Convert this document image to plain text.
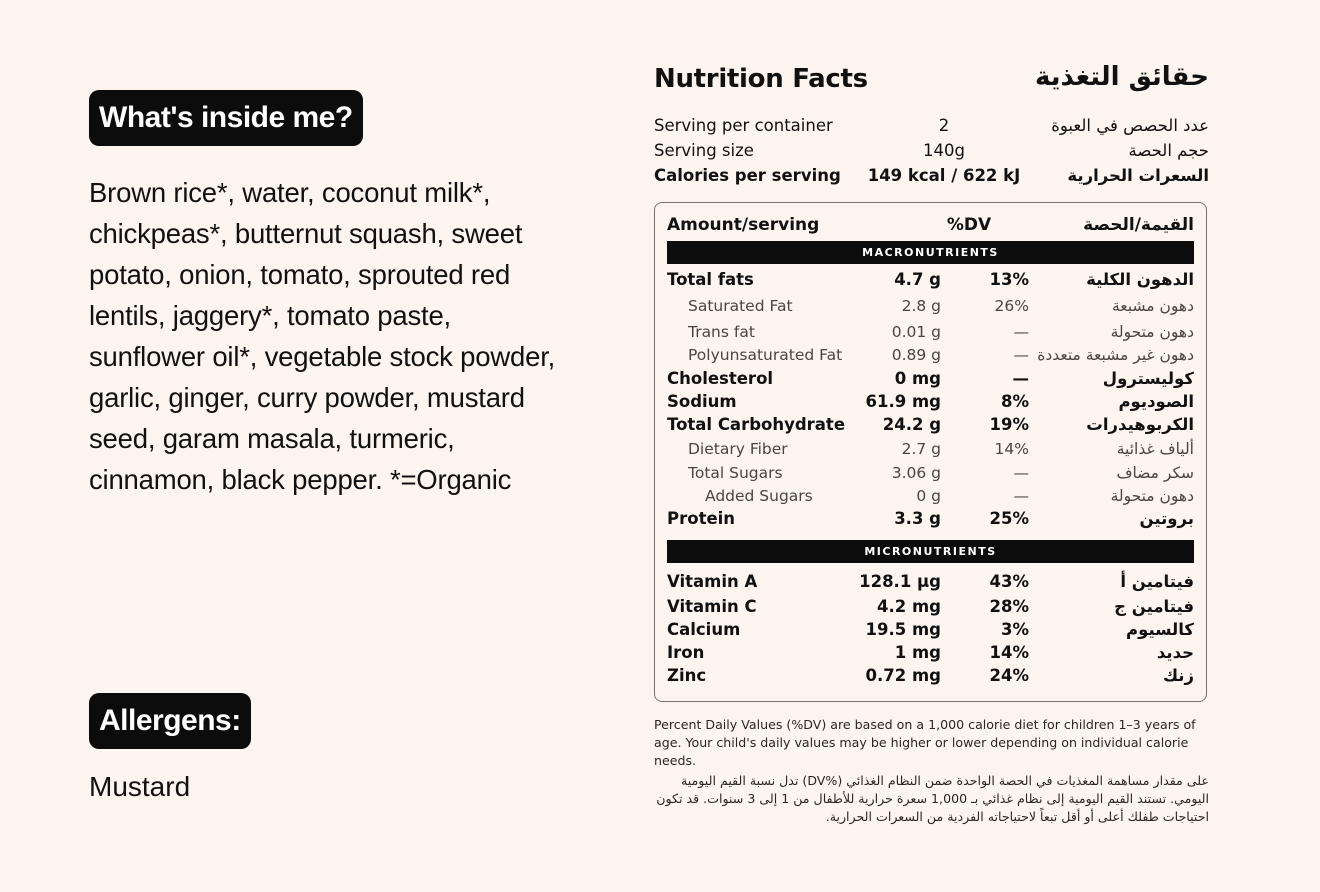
What's inside me?
Brown rice*, water, coconut milk*,
chickpeas*, butternut squash, sweet
potato, onion, tomato, sprouted red
lentils, jaggery*, tomato paste,
sunflower oil*, vegetable stock powder,
garlic, ginger, curry powder, mustard
seed, garam masala, turmeric,
cinnamon, black pepper. *=Organic
Allergens:
Mustard
Nutrition Facts	حقائق التغذية
Serving per container	2	عدد الحصص في العبوة
Serving size	140g	حجم الحصة
Calories per serving	149 kcal / 622 kJ	السعرات الحرارية
Amount/serving	%DV	القيمة/الحصة
MACRONUTRIENTS
Total fats	4.7 g	13%	الدهون الكلية
Saturated Fat	2.8 g	26%	دهون مشبعة
Trans fat	0.01 g	—	دهون متحولة
Polyunsaturated Fat	0.89 g	— دهون غير مشبعة متعددة
Cholesterol	0 mg	—	كوليسترول
Sodium	61.9 mg	8%	الصوديوم
Total Carbohydrate 24.2 g	19%	الكربوهيدرات
Dietary Fiber	2.7 g	14%	ألياف غذائية
Total Sugars	3.06 g	—	سكر مضاف
Added Sugars	0 g	—	دهون متحولة
Protein	3.3 g	25%	بروتين
MICRONUTRIENTS
Vitamin A	128.1 µg	43%	فيتامين أ
Vitamin C	4.2 mg	28%	فيتامين ج
Calcium	19.5 mg	3%	كالسيوم
Iron	1 mg	14%	حديد
Zinc	0.72 mg	24%	زنك
Percent Daily Values (%DV) are based on a 1,000 calorie diet for children 1–3 years of age. Your child's daily values may be higher or lower depending on individual calorie needs.
على مقدار مساهمة المغذيات في الحصة الواحدة ضمن النظام الغذائي (%DV) تدل نسبة القيم اليومية اليومي. تستند القيم اليومية إلى نظام غذائي بـ 1,000 سعرة حرارية للأطفال من 1 إلى 3 سنوات. قد تكون احتياجات طفلك أعلى أو أقل تبعاً لاحتياجاته الفردية من السعرات الحرارية.
